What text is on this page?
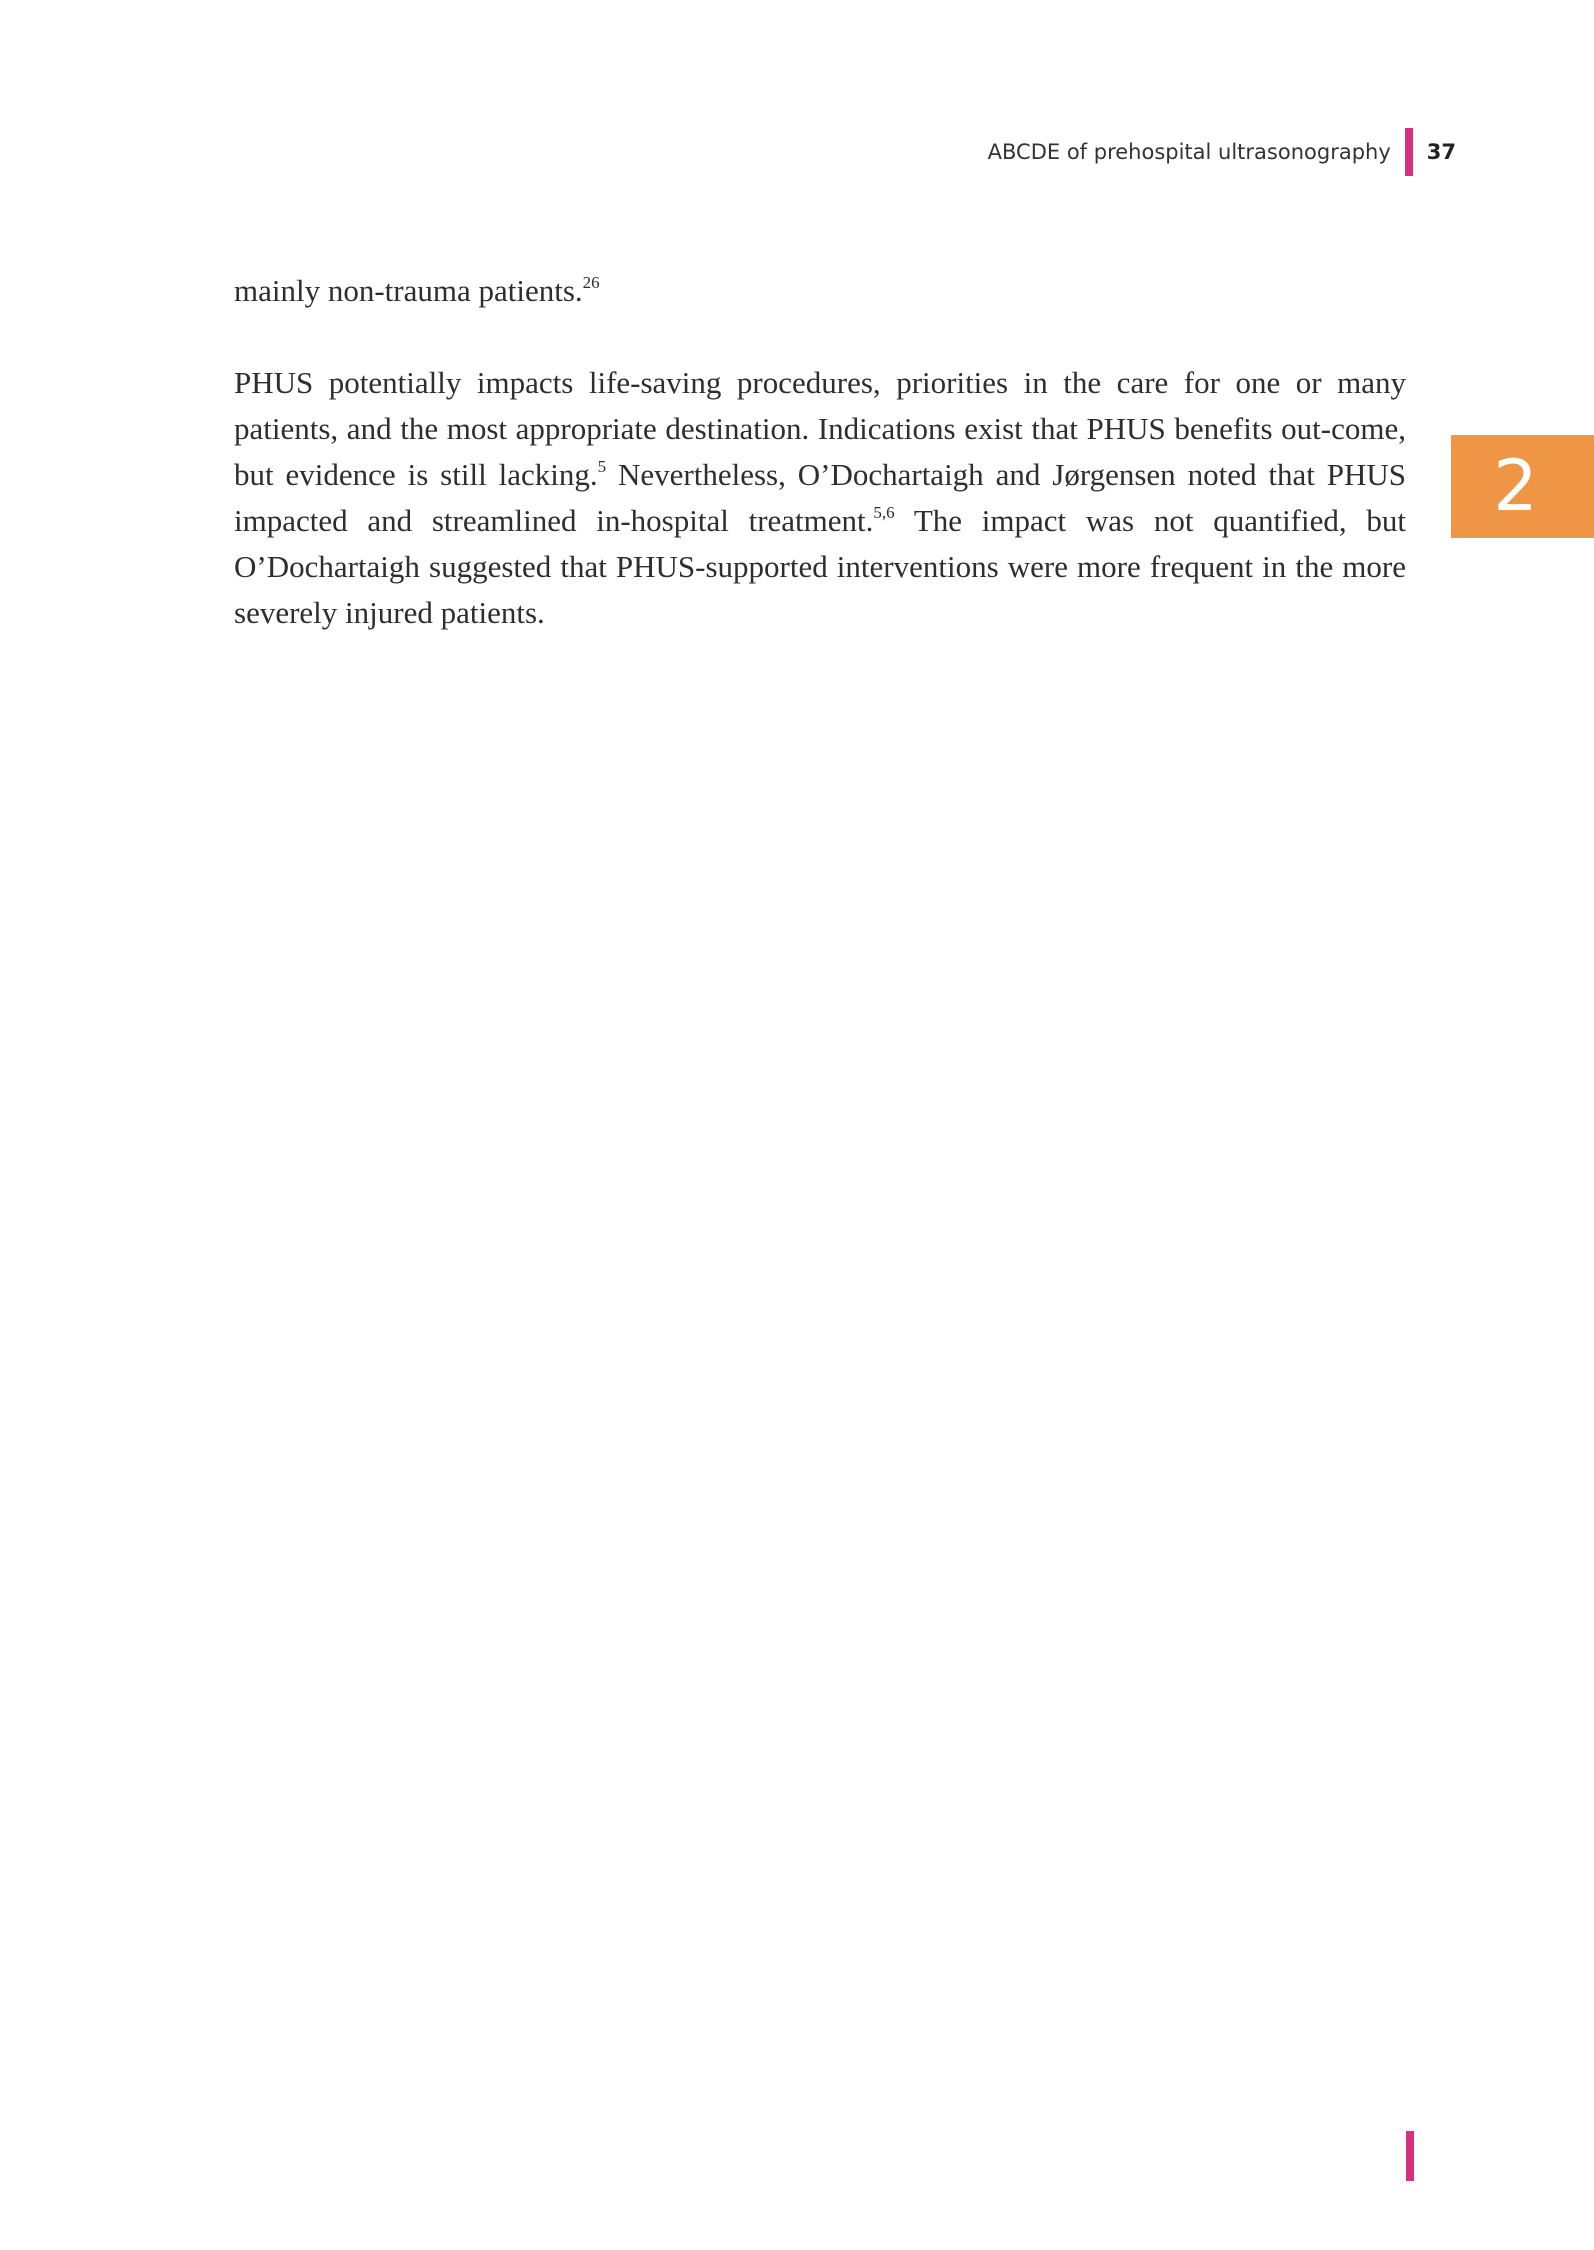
ABCDE of prehospital ultrasonography 37
2

mainly non-trauma patients.$^{26}$

PHUS potentially impacts life-saving procedures, priorities in the care for one or many patients, and the most appropriate destination. Indications exist that PHUS benefits out-come, but evidence is still lacking.$^5$ Nevertheless, O’Dochartaigh and Jørgensen noted that PHUS impacted and streamlined in-hospital treatment.$^{5,6}$ The impact was not quantified, but O’Dochartaigh suggested that PHUS-supported interventions were more frequent in the more severely injured patients.
